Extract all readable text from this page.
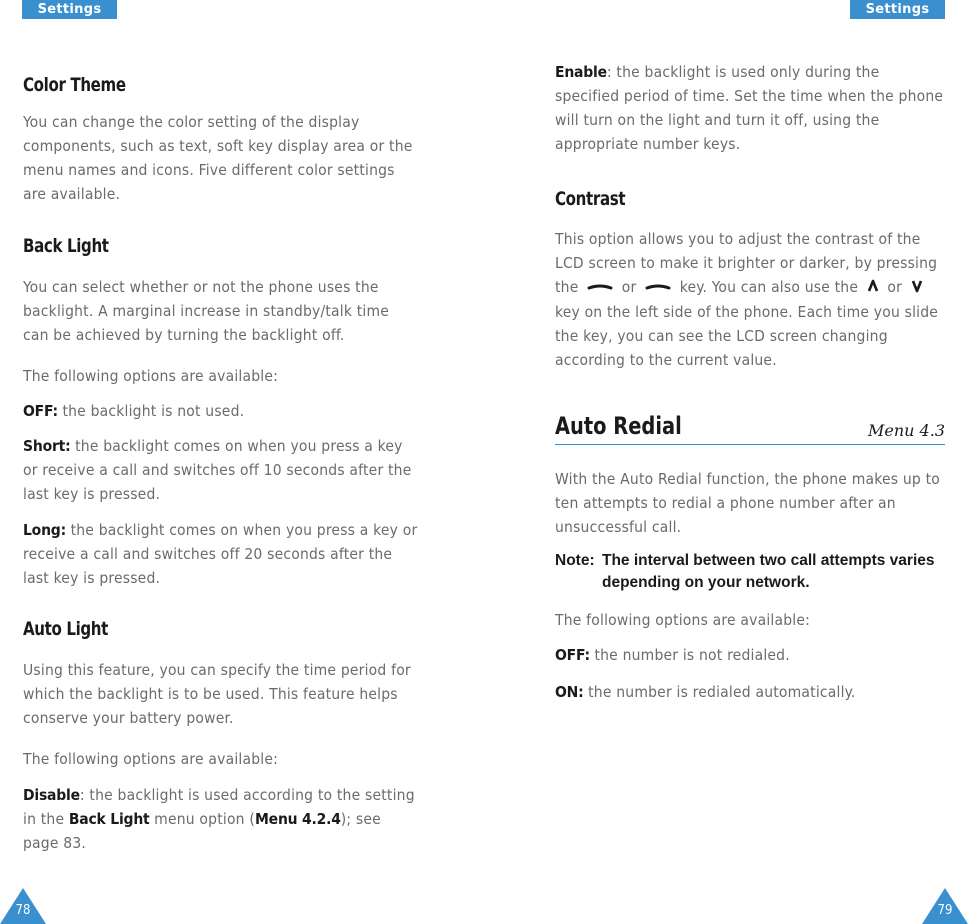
Settings	Settings
Color Theme
You can change the color setting of the display components, such as text, soft key display area or the menu names and icons. Five different color settings are available.
Back Light
You can select whether or not the phone uses the backlight. A marginal increase in standby/talk time can be achieved by turning the backlight off.
The following options are available:
OFF: the backlight is not used.
Short: the backlight comes on when you press a key or receive a call and switches off 10 seconds after the last key is pressed.
Long: the backlight comes on when you press a key or receive a call and switches off 20 seconds after the last key is pressed.
Auto Light
Using this feature, you can specify the time period for which the backlight is to be used. This feature helps conserve your battery power.
The following options are available:
Disable: the backlight is used according to the setting in the Back Light menu option (Menu 4.2.4); see page 83.
Enable: the backlight is used only during the specified period of time. Set the time when the phone will turn on the light and turn it off, using the appropriate number keys.
Contrast
This option allows you to adjust the contrast of the LCD screen to make it brighter or darker, by pressing the	or	key. You can also use the or  key on the left side of the phone. Each time you slide the key, you can see the LCD screen changing according to the current value.
Auto Redial	Menu 4.3
With the Auto Redial function, the phone makes up to ten attempts to redial a phone number after an unsuccessful call.
Note: The interval between two call attempts varies depending on your network.
The following options are available:
OFF: the number is not redialed.
ON: the number is redialed automatically.
78	79
